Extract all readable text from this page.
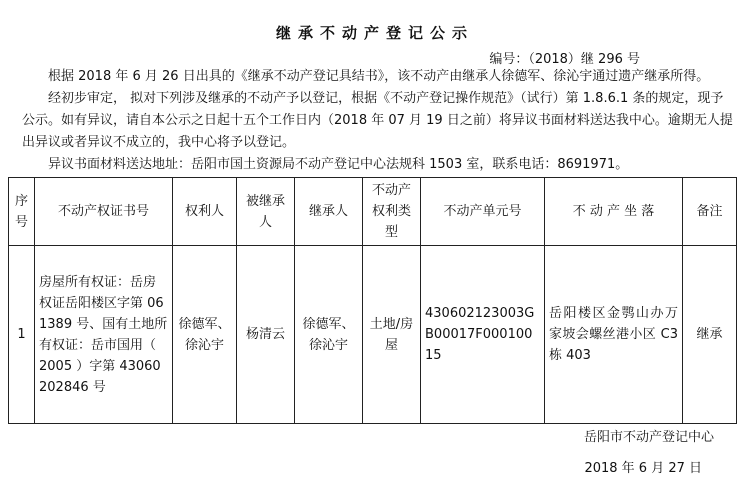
继承不动产登记公示
编号：（2018）继 296 号
根据 2018 年 6 月 26 日出具的《继承不动产登记具结书》，该不动产由继承人徐德军、徐沁宇通过遗产继承所得。
经初步审定， 拟对下列涉及继承的不动产予以登记，根据《不动产登记操作规范》（试行）第 1.8.6.1 条的规定，现予公示。如有异议，请自本公示之日起十五个工作日内（2018 年 07 月 19 日之前）将异议书面材料送达我中心。逾期无人提出异议或者异议不成立的，我中心将予以登记。
异议书面材料送达地址：岳阳市国土资源局不动产登记中心法规科 1503 室，联系电话：8691971。
序号	不动产权证书号	权利人	被继承人	继承人	不动产权利类型	不动产单元号	不 动 产 坐 落	备注
1	房屋所有权证：岳房权证岳阳楼区字第 061389 号、国有土地所有权证：岳市国用（ 2005 ）字第 43060202846 号	徐德军、徐沁宇	杨清云	徐德军、徐沁宇	土地/房屋	430602123003GB00017F00010015	岳阳楼区金鹗山办万家坡会螺丝港小区 C3 栋 403	继承
岳阳市不动产登记中心
2018 年 6 月 27 日
